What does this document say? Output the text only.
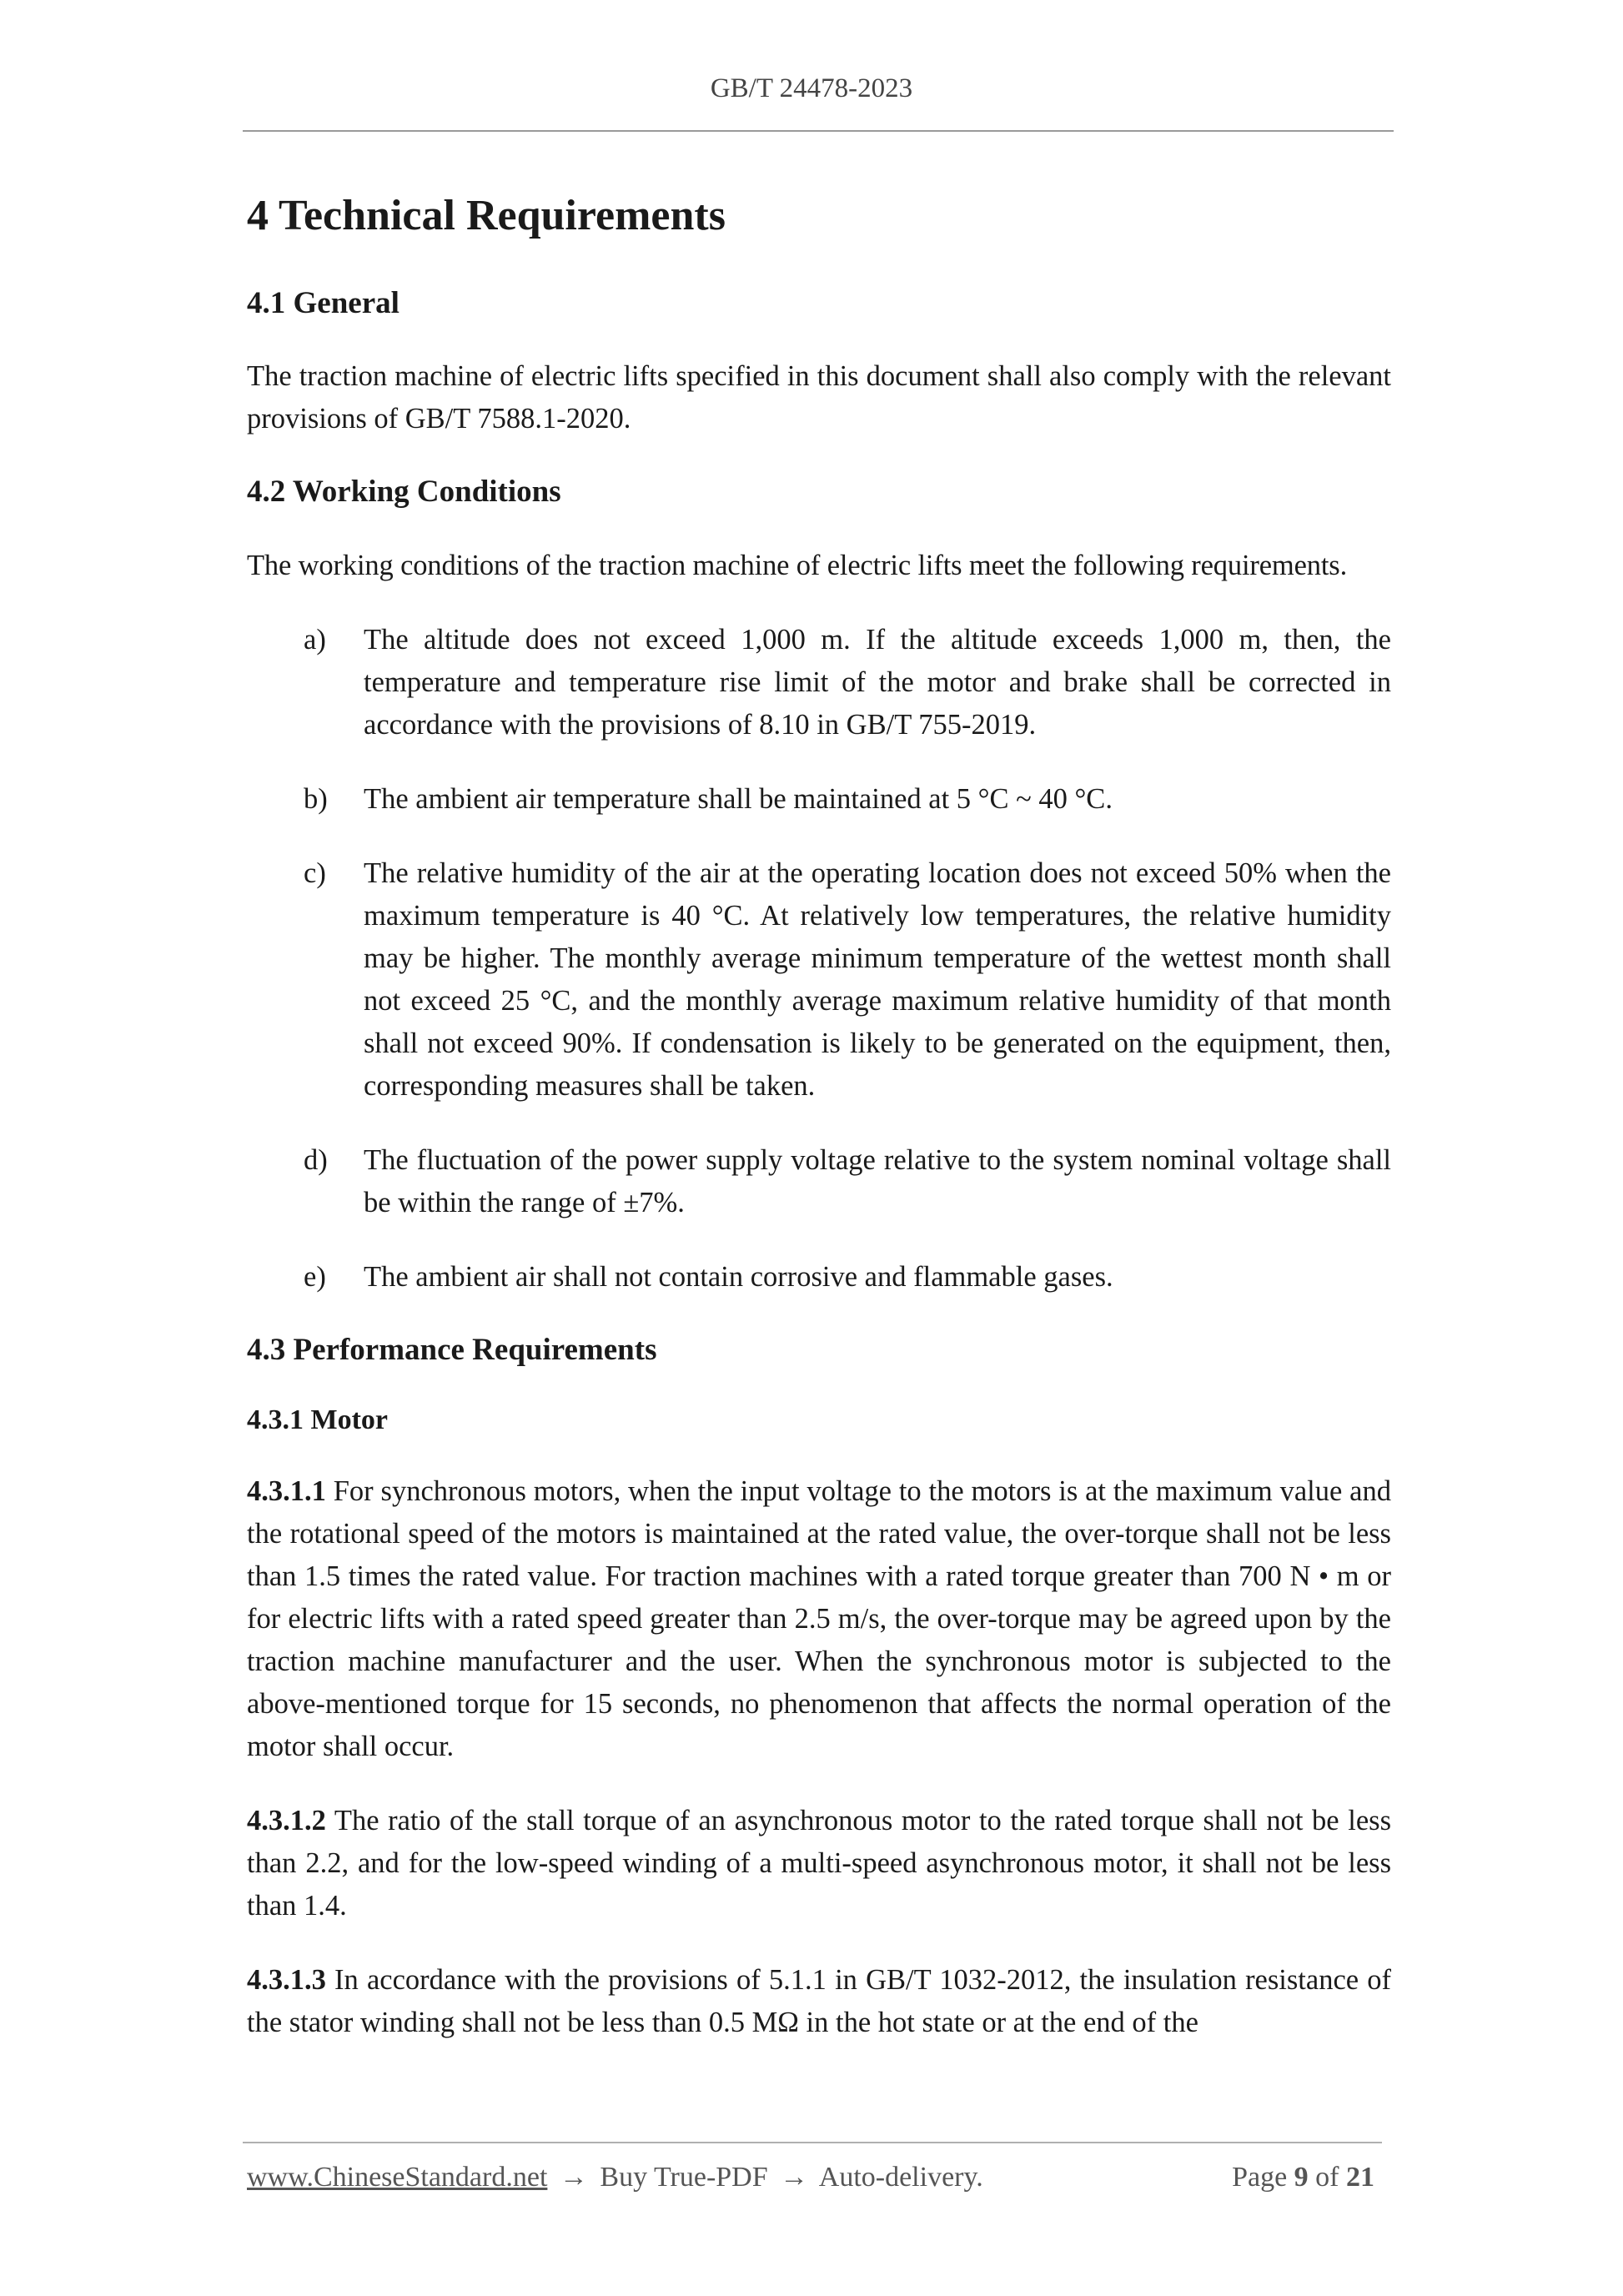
GB/T 24478-2023
4 Technical Requirements
4.1 General

The traction machine of electric lifts specified in this document shall also comply with the relevant provisions of GB/T 7588.1-2020.

4.2 Working Conditions

The working conditions of the traction machine of electric lifts meet the following requirements.

a) The altitude does not exceed 1,000 m. If the altitude exceeds 1,000 m, then, the temperature and temperature rise limit of the motor and brake shall be corrected in accordance with the provisions of 8.10 in GB/T 755-2019.
b) The ambient air temperature shall be maintained at 5 °C ~ 40 °C.
c) The relative humidity of the air at the operating location does not exceed 50% when the maximum temperature is 40 °C. At relatively low temperatures, the relative humidity may be higher. The monthly average minimum temperature of the wettest month shall not exceed 25 °C, and the monthly average maximum relative humidity of that month shall not exceed 90%. If condensation is likely to be generated on the equipment, then, corresponding measures shall be taken.
d) The fluctuation of the power supply voltage relative to the system nominal voltage shall be within the range of ±7%.
e) The ambient air shall not contain corrosive and flammable gases.
4.3 Performance Requirements
4.3.1 Motor

4.3.1.1 For synchronous motors, when the input voltage to the motors is at the maximum value and the rotational speed of the motors is maintained at the rated value, the over-torque shall not be less than 1.5 times the rated value. For traction machines with a rated torque greater than 700 N • m or for electric lifts with a rated speed greater than 2.5 m/s, the over-torque may be agreed upon by the traction machine manufacturer and the user. When the synchronous motor is subjected to the above-mentioned torque for 15 seconds, no phenomenon that affects the normal operation of the motor shall occur.

4.3.1.2 The ratio of the stall torque of an asynchronous motor to the rated torque shall not be less than 2.2, and for the low-speed winding of a multi-speed asynchronous motor, it shall not be less than 1.4.

4.3.1.3 In accordance with the provisions of 5.1.1 in GB/T 1032-2012, the insulation resistance of the stator winding shall not be less than 0.5 MΩ in the hot state or at the end of the

www.ChineseStandard.net → Buy True-PDF → Auto-delivery.	Page 9 of 21
